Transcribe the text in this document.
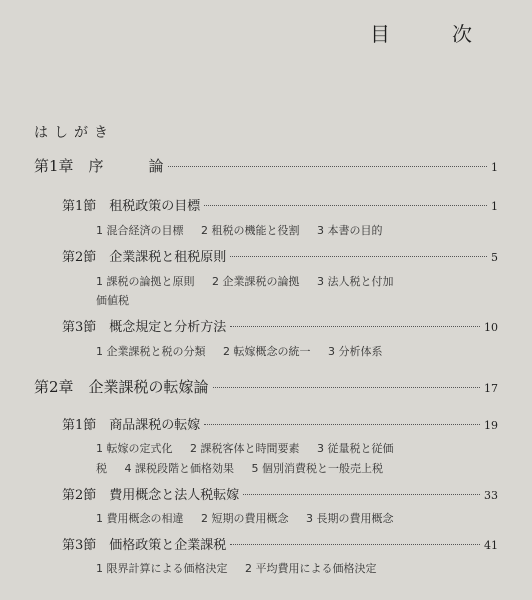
目	次
はしがき
第1章　序　　　論	1
第1節　租税政策の目標	1
1 混合経済の目標 2 租税の機能と役割 3 本書の目的
第2節　企業課税と租税原則	5
1 課税の論拠と原則 2 企業課税の論拠 3 法人税と付加
価値税
第3節　概念規定と分析方法	10
1 企業課税と税の分類 2 転嫁概念の統一 3 分析体系
第2章　企業課税の転嫁論	17
第1節　商品課税の転嫁	19
1 転嫁の定式化 2 課税客体と時間要素 3 従量税と従価
税 4 課税段階と価格効果 5 個別消費税と一般売上税
第2節　費用概念と法人税転嫁	33
1 費用概念の相違 2 短期の費用概念 3 長期の費用概念
第3節　価格政策と企業課税	41
1 限界計算による価格決定 2 平均費用による価格決定
